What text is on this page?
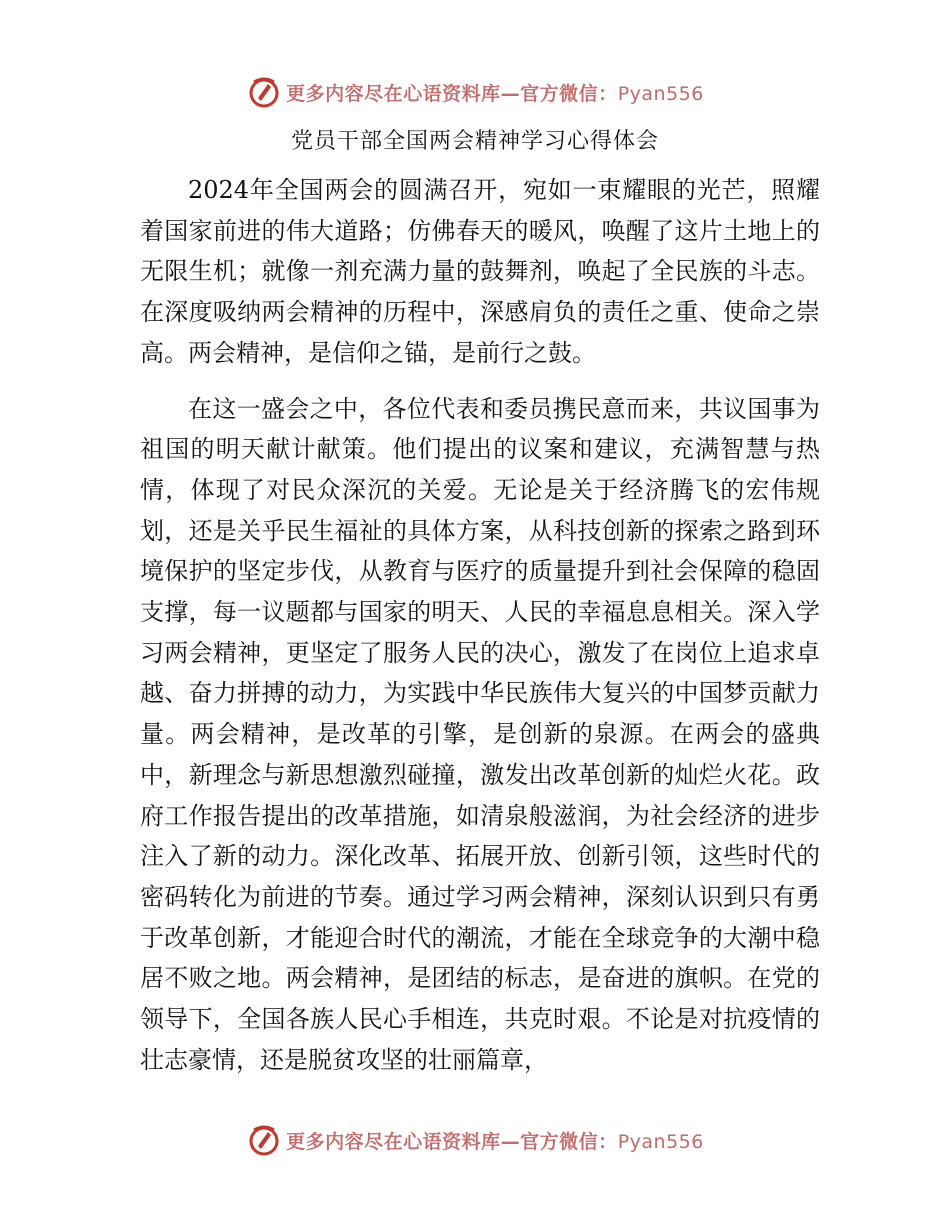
更多内容尽在心语资料库—官方微信：Pyan556
党员干部全国两会精神学习心得体会

2024年全国两会的圆满召开，宛如一束耀眼的光芒，照耀着国家前进的伟大道路；仿佛春天的暖风，唤醒了这片土地上的无限生机；就像一剂充满力量的鼓舞剂，唤起了全民族的斗志。在深度吸纳两会精神的历程中，深感肩负的责任之重、使命之崇高。两会精神，是信仰之锚，是前行之鼓。

在这一盛会之中，各位代表和委员携民意而来，共议国事为祖国的明天献计献策。他们提出的议案和建议，充满智慧与热情，体现了对民众深沉的关爱。无论是关于经济腾飞的宏伟规划，还是关乎民生福祉的具体方案，从科技创新的探索之路到环境保护的坚定步伐，从教育与医疗的质量提升到社会保障的稳固支撑，每一议题都与国家的明天、人民的幸福息息相关。深入学习两会精神，更坚定了服务人民的决心，激发了在岗位上追求卓越、奋力拼搏的动力，为实践中华民族伟大复兴的中国梦贡献力量。两会精神，是改革的引擎，是创新的泉源。在两会的盛典中，新理念与新思想激烈碰撞，激发出改革创新的灿烂火花。政府工作报告提出的改革措施，如清泉般滋润，为社会经济的进步注入了新的动力。深化改革、拓展开放、创新引领，这些时代的密码转化为前进的节奏。通过学习两会精神，深刻认识到只有勇于改革创新，才能迎合时代的潮流，才能在全球竞争的大潮中稳居不败之地。两会精神，是团结的标志，是奋进的旗帜。在党的领导下，全国各族人民心手相连，共克时艰。不论是对抗疫情的壮志豪情，还是脱贫攻坚的壮丽篇章，

更多内容尽在心语资料库—官方微信：Pyan556
